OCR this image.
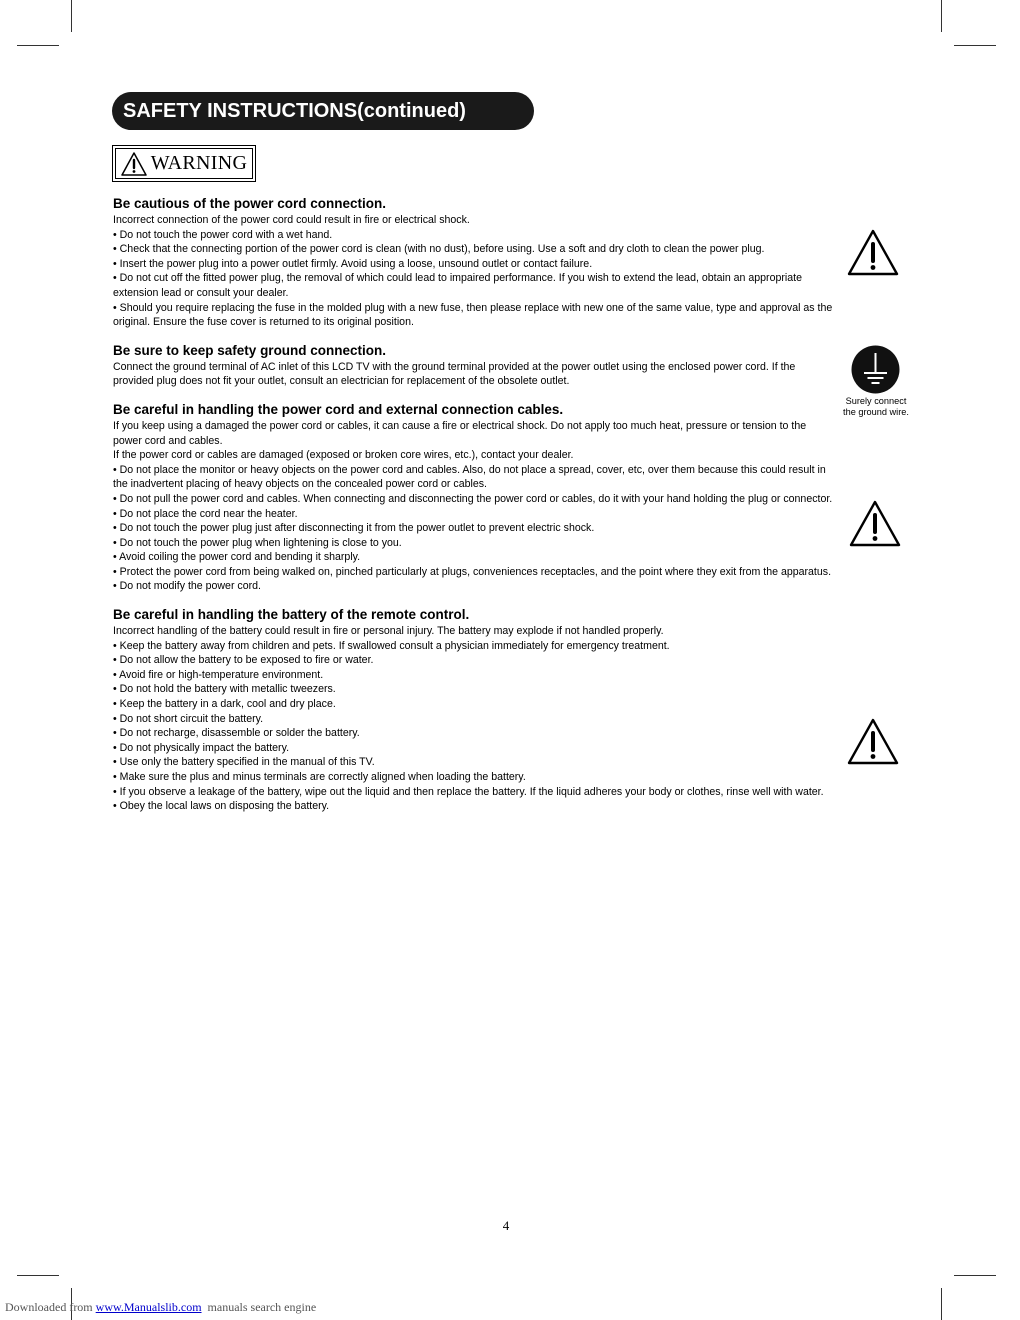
SAFETY INSTRUCTIONS(continued)
WARNING
Be cautious of the power cord connection.

Incorrect connection of the power cord could result in fire or electrical shock.

• Do not touch the power cord with a wet hand.

• Check that the connecting portion of the power cord is clean (with no dust), before using. Use a soft and dry cloth to clean the power plug.

• Insert the power plug into a power outlet firmly. Avoid using a loose, unsound outlet or contact failure.

• Do not cut off the fitted power plug, the removal of which could lead to impaired performance. If you wish to extend the lead, obtain an appropriate extension lead or consult your dealer.

• Should you require replacing the fuse in the molded plug with a new fuse, then please replace with new one of the same value, type and approval as the original. Ensure the fuse cover is returned to its original position.

Be sure to keep safety ground connection.

Connect the ground terminal of AC inlet of this LCD TV with the ground terminal provided at the power outlet using the enclosed power cord. If the provided plug does not fit your outlet, consult an electrician for replacement of the obsolete outlet.

Be careful in handling the power cord and external connection cables.

If you keep using a damaged the power cord or cables, it can cause a fire or electrical shock. Do not apply too much heat, pressure or tension to the power cord and cables.

If the power cord or cables are damaged (exposed or broken core wires, etc.), contact your dealer.

• Do not place the monitor or heavy objects on the power cord and cables. Also, do not place a spread, cover, etc, over them because this could result in the inadvertent placing of heavy objects on the concealed power cord or cables.

• Do not pull the power cord and cables. When connecting and disconnecting the power cord or cables, do it with your hand holding the plug or connector.

• Do not place the cord near the heater.

• Do not touch the power plug just after disconnecting it from the power outlet to prevent electric shock.

• Do not touch the power plug when lightening is close to you.

• Avoid coiling the power cord and bending it sharply.

• Protect the power cord from being walked on, pinched particularly at plugs, conveniences receptacles, and the point where they exit from the apparatus.

• Do not modify the power cord.

Be careful in handling the battery of the remote control.

Incorrect handling of the battery could result in fire or personal injury. The battery may explode if not handled properly.

• Keep the battery away from children and pets. If swallowed consult a physician immediately for emergency treatment.

• Do not allow the battery to be exposed to fire or water.

• Avoid fire or high-temperature environment.

• Do not hold the battery with metallic tweezers.

• Keep the battery in a dark, cool and dry place.

• Do not short circuit the battery.

• Do not recharge, disassemble or solder the battery.

• Do not physically impact the battery.

• Use only the battery specified in the manual of this TV.

• Make sure the plus and minus terminals are correctly aligned when loading the battery.

• If you observe a leakage of the battery, wipe out the liquid and then replace the battery. If the liquid adheres your body or clothes, rinse well with water.

• Obey the local laws on disposing the battery.

Surely connect
the ground wire.
4
Downloaded from www.Manualslib.com  manuals search engine
